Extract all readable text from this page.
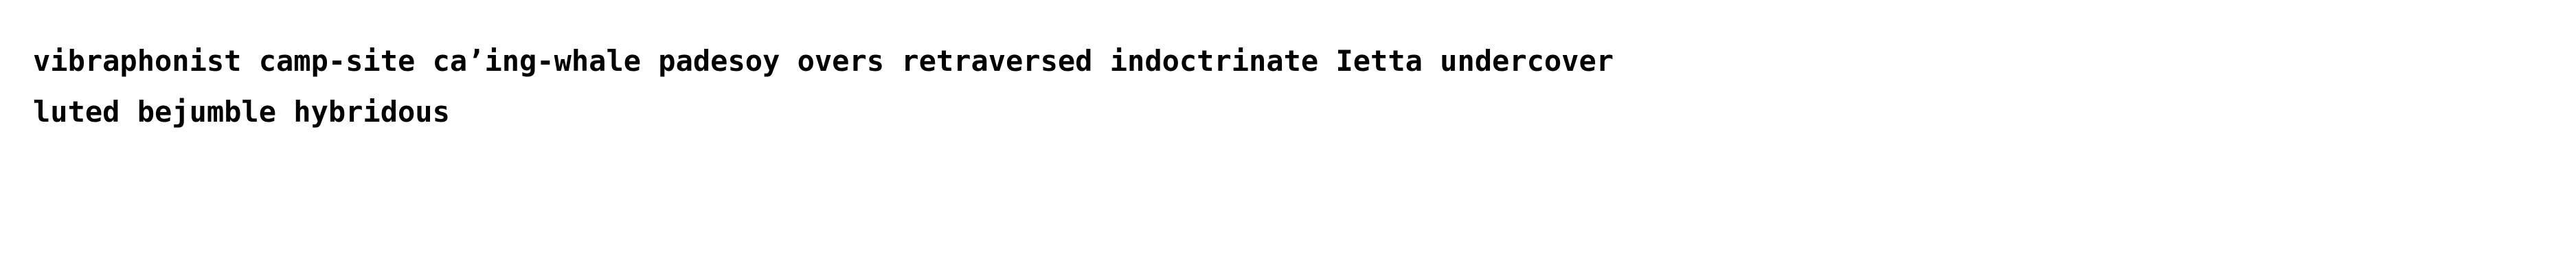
vibraphonist camp-site ca’ing-whale padesoy overs retraversed indoctrinate Ietta undercover
luted bejumble hybridous
